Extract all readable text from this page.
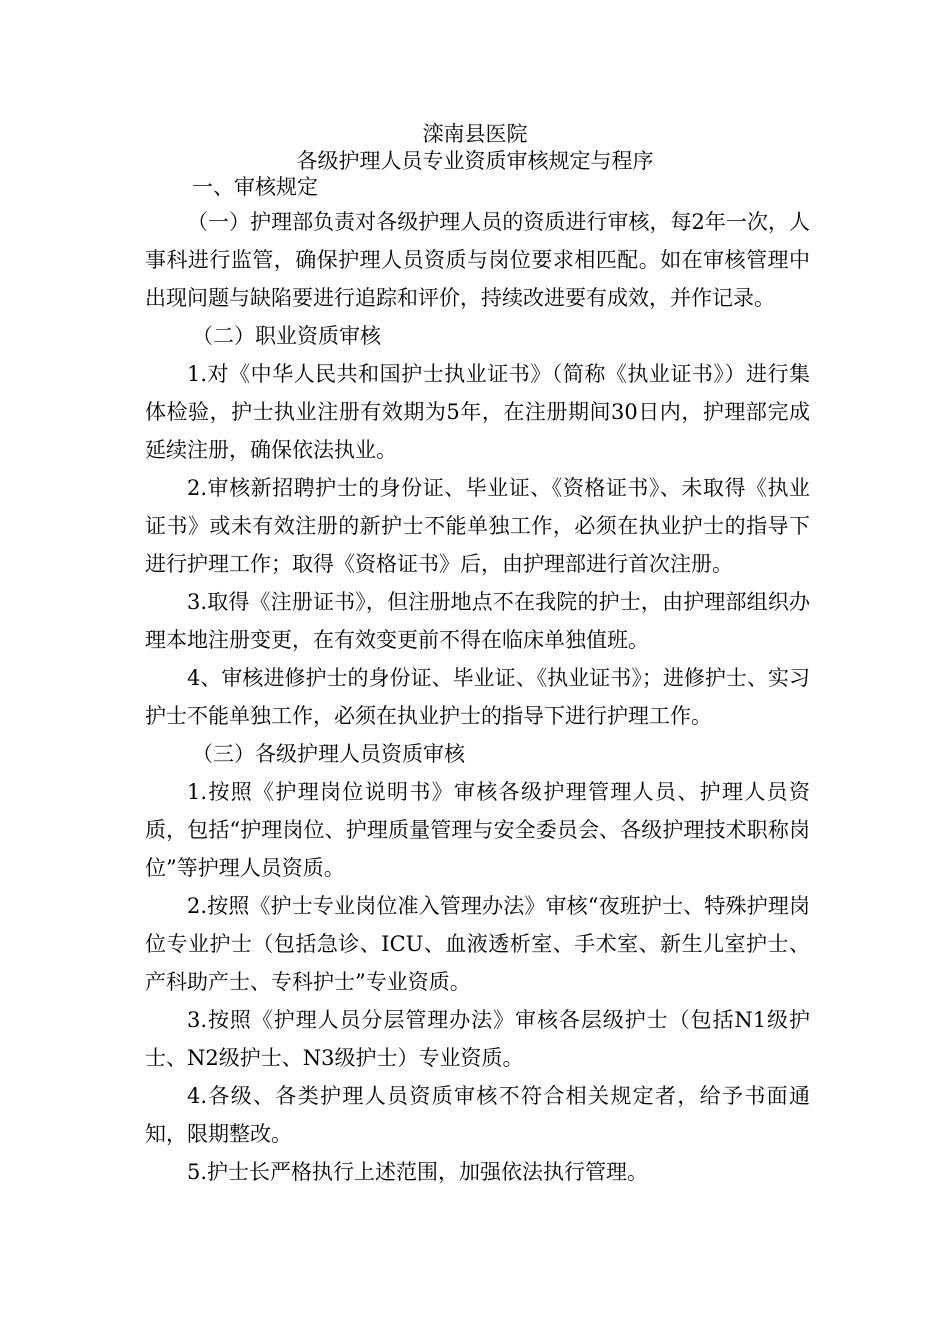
滦南县医院
各级护理人员专业资质审核规定与程序

一、审核规定

（一）护理部负责对各级护理人员的资质进行审核，每2年一次，人事科进行监管，确保护理人员资质与岗位要求相匹配。如在审核管理中出现问题与缺陷要进行追踪和评价，持续改进要有成效，并作记录。

（二）职业资质审核

1.对《中华人民共和国护士执业证书》（简称《执业证书》）进行集体检验，护士执业注册有效期为5年，在注册期间30日内，护理部完成延续注册，确保依法执业。

2.审核新招聘护士的身份证、毕业证、《资格证书》、未取得《执业证书》或未有效注册的新护士不能单独工作，必须在执业护士的指导下进行护理工作；取得《资格证书》后，由护理部进行首次注册。

3.取得《注册证书》，但注册地点不在我院的护士，由护理部组织办理本地注册变更，在有效变更前不得在临床单独值班。

4、审核进修护士的身份证、毕业证、《执业证书》；进修护士、实习护士不能单独工作，必须在执业护士的指导下进行护理工作。

（三）各级护理人员资质审核

1.按照《护理岗位说明书》审核各级护理管理人员、护理人员资质，包括“护理岗位、护理质量管理与安全委员会、各级护理技术职称岗位”等护理人员资质。

2.按照《护士专业岗位准入管理办法》审核“夜班护士、特殊护理岗位专业护士（包括急诊、ICU、血液透析室、手术室、新生儿室护士、产科助产士、专科护士”专业资质。

3.按照《护理人员分层管理办法》审核各层级护士（包括N1级护士、N2级护士、N3级护士）专业资质。

4.各级、各类护理人员资质审核不符合相关规定者，给予书面通知，限期整改。

5.护士长严格执行上述范围，加强依法执行管理。
